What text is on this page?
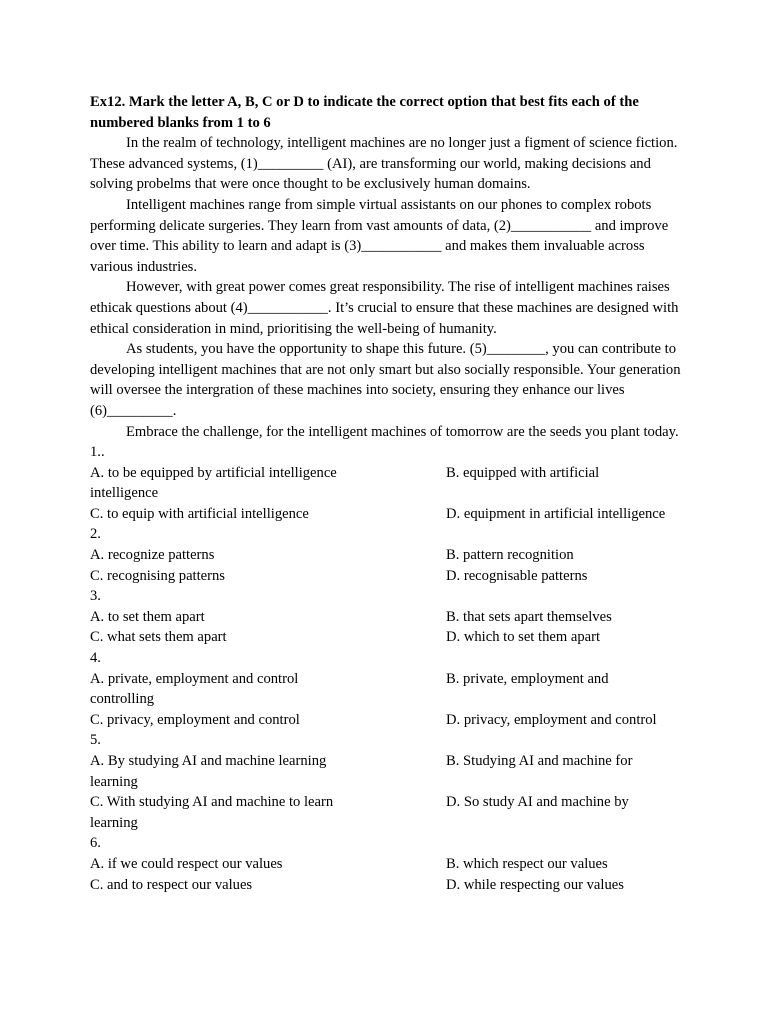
Ex12. Mark the letter A, B, C or D to indicate the correct option that best fits each of the numbered blanks from 1 to 6

In the realm of technology, intelligent machines are no longer just a figment of science fiction. These advanced systems, (1)_________ (AI), are transforming our world, making decisions and solving probelms that were once thought to be exclusively human domains.

Intelligent machines range from simple virtual assistants on our phones to complex robots performing delicate surgeries. They learn from vast amounts of data, (2)___________ and improve over time. This ability to learn and adapt is (3)___________ and makes them invaluable across various industries.

However, with great power comes great responsibility. The rise of intelligent machines raises ethicak questions about (4)___________. It’s crucial to ensure that these machines are designed with ethical consideration in mind, prioritising the well-being of humanity.

As students, you have the opportunity to shape this future. (5)________, you can contribute to developing intelligent machines that are not only smart but also socially responsible. Your generation will oversee the intergration of these machines into society, ensuring they enhance our lives (6)_________.

Embrace the challenge, for the intelligent machines of tomorrow are the seeds you plant today.

1..

A. to be equipped by artificial intelligence	B. equipped with artificial

intelligence

C. to equip with artificial intelligence	D. equipment in artificial intelligence

2.

A. recognize patterns	B. pattern recognition
C. recognising patterns	D. recognisable patterns

3.

A. to set them apart	B. that sets apart themselves
C. what sets them apart	D. which to set them apart

4.

A. private, employment and control	B. private, employment and

controlling

C. privacy, employment and control	D. privacy, employment and control

5.

A. By studying AI and machine learning	B. Studying AI and machine for

learning

C. With studying AI and machine to learn	D. So study AI and machine by

learning

6.

A. if we could respect our values	B. which respect our values
C. and to respect our values	D. while respecting our values
